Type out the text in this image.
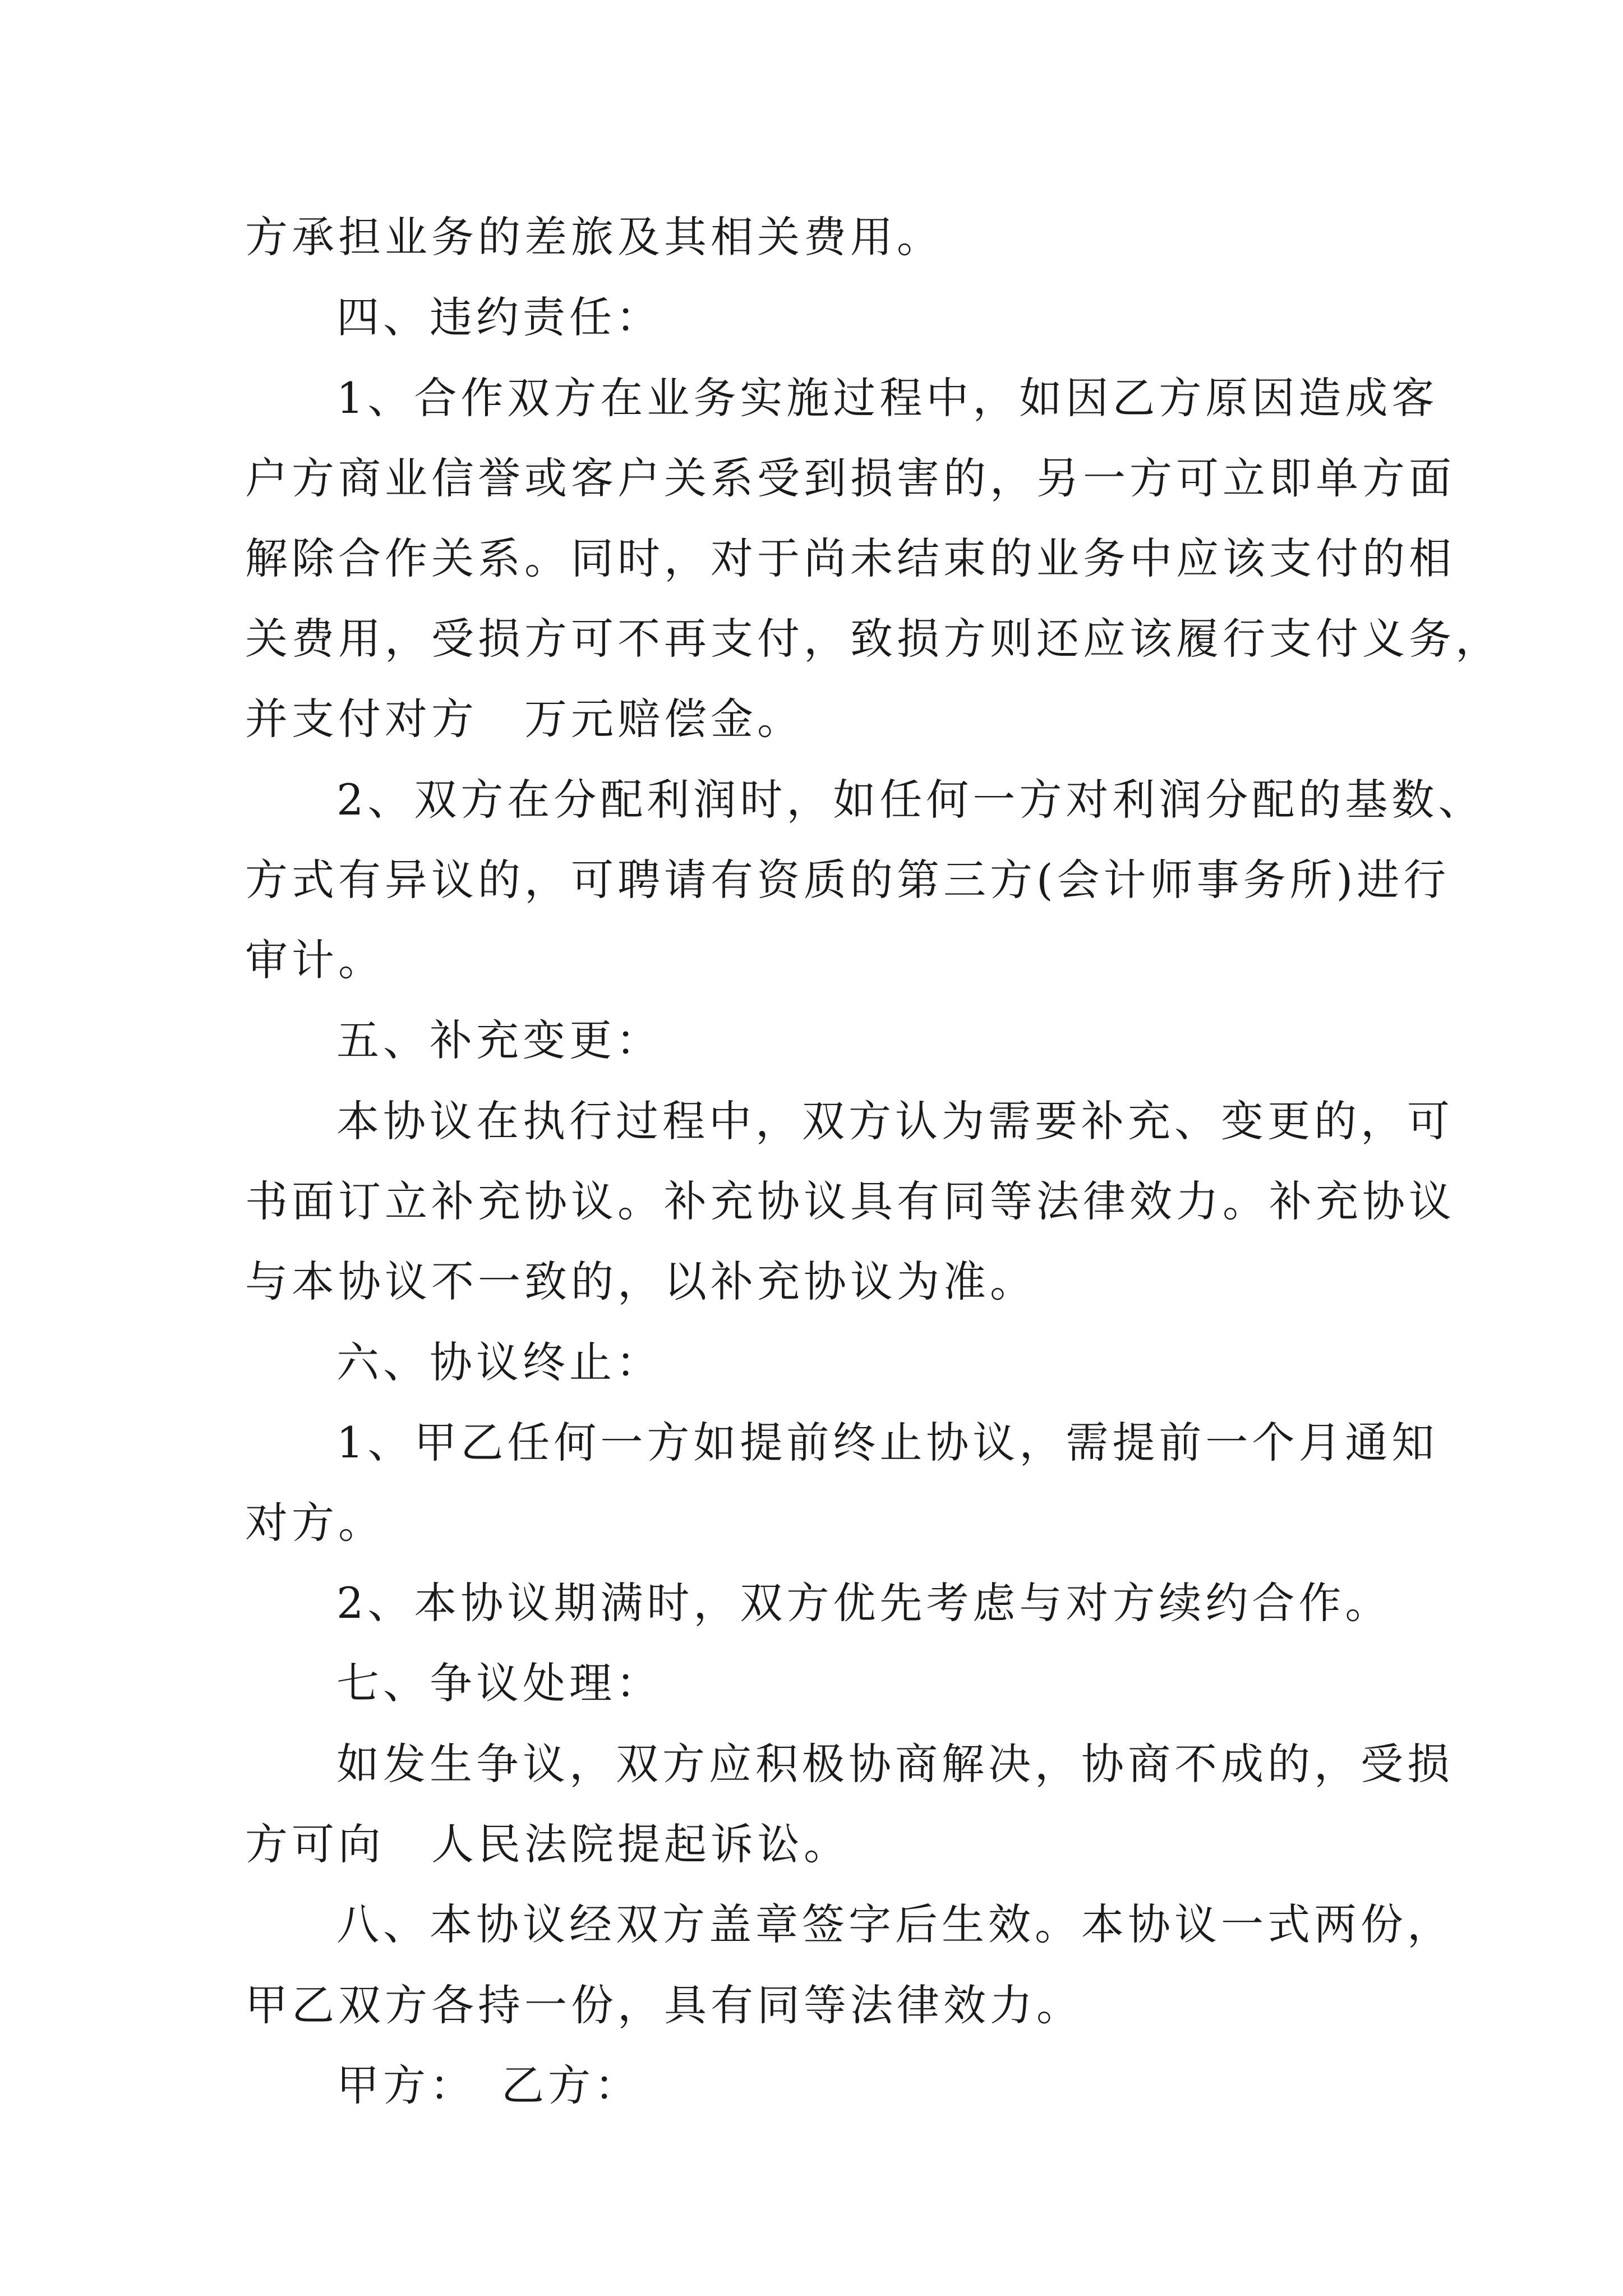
方承担业务的差旅及其相关费用。
四、违约责任：
1、合作双方在业务实施过程中，如因乙方原因造成客
户方商业信誉或客户关系受到损害的，另一方可立即单方面
解除合作关系。同时，对于尚未结束的业务中应该支付的相
关费用，受损方可不再支付，致损方则还应该履行支付义务，
并支付对方　万元赔偿金。
2、双方在分配利润时，如任何一方对利润分配的基数、
方式有异议的，可聘请有资质的第三方(会计师事务所)进行
审计。
五、补充变更：
本协议在执行过程中，双方认为需要补充、变更的，可
书面订立补充协议。补充协议具有同等法律效力。补充协议
与本协议不一致的，以补充协议为准。
六、协议终止：
1、甲乙任何一方如提前终止协议，需提前一个月通知
对方。
2、本协议期满时，双方优先考虑与对方续约合作。
七、争议处理：
如发生争议，双方应积极协商解决，协商不成的，受损
方可向　人民法院提起诉讼。
八、本协议经双方盖章签字后生效。本协议一式两份，
甲乙双方各持一份，具有同等法律效力。
甲方：　乙方：
